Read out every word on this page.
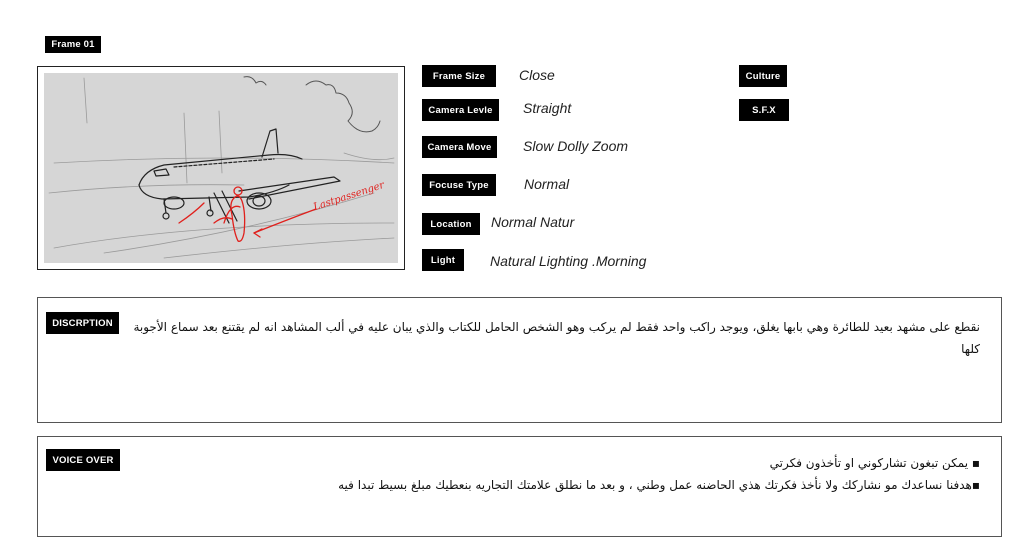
Frame 01
Lastpassenger
Frame Size	Close
Camera Levle	Straight
Camera Move	Slow Dolly Zoom
Focuse Type	Normal
Location	Normal Natur
Light	Natural Lighting .Morning
Culture
S.F.X
DISCRPTION	نقطع على مشهد بعيد للطائرة وهي بابها يغلق، ويوجد راكب واحد فقط لم يركب وهو الشخص الحامل للكتاب والذي يبان عليه في ألب المشاهد انه لم يقتنع بعد سماع الأجوبة كلها
VOICE OVER	▪ يمكن تبغون تشاركوني او تأخذون فكرتي
▪هدفنا نساعدك مو نشاركك ولا نأخذ فكرتك هذي الحاضنه عمل وطني ، و بعد ما نطلق علامتك التجاريه بنعطيك مبلغ بسيط تبدا فيه
